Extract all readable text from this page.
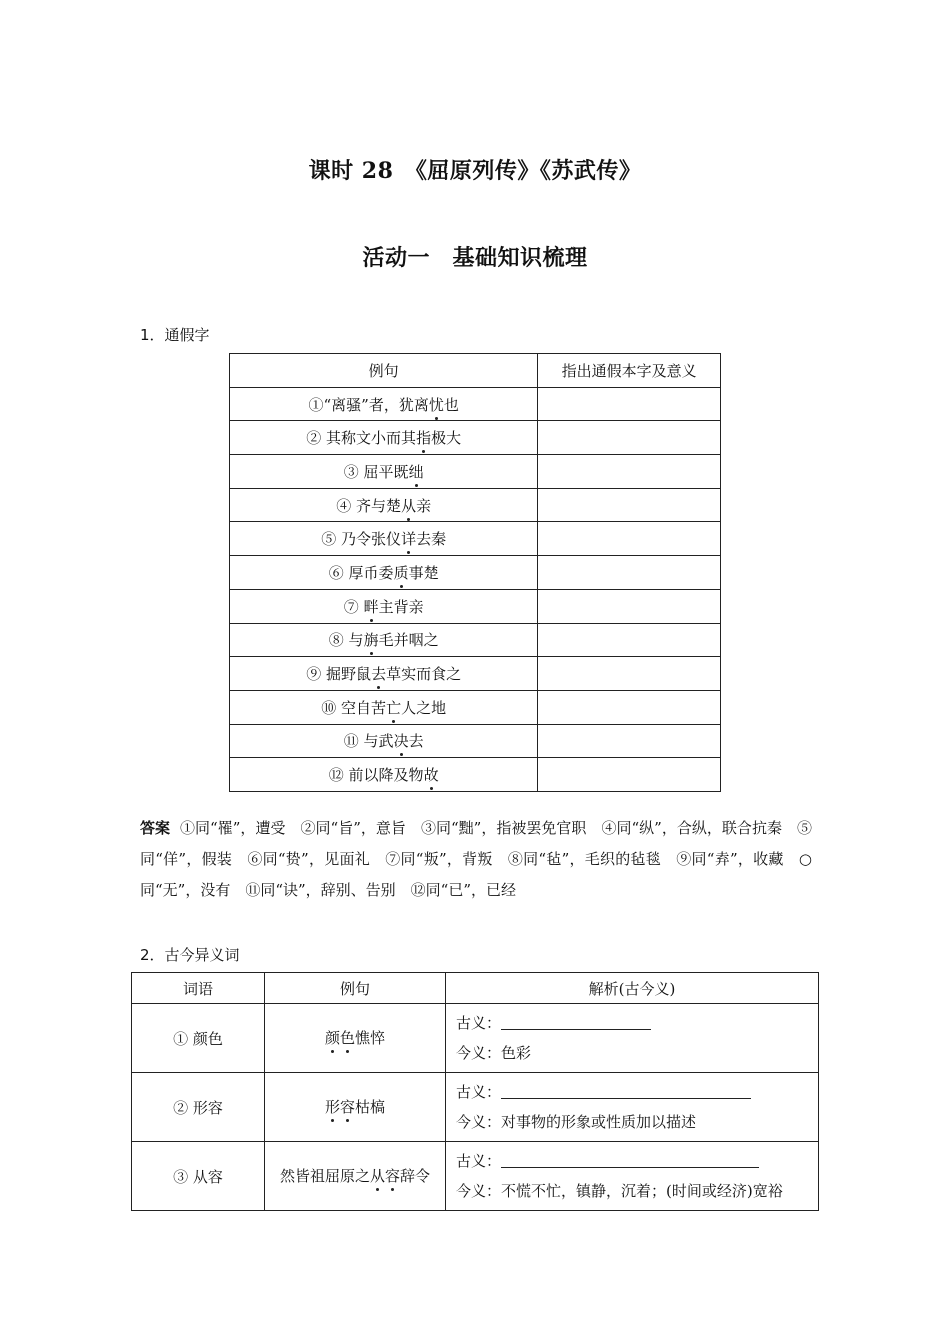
课时 28　《屈原列传》《苏武传》
活动一　基础知识梳理
1．通假字
例句	指出通假本字及意义
①“离骚”者，犹离忧也	
② 其称文小而其指极大	
③ 屈平既绌	
④ 齐与楚从亲	
⑤ 乃令张仪详去秦	
⑥ 厚币委质事楚	
⑦ 畔主背亲	
⑧ 与旃毛并咽之	
⑨ 掘野鼠去草实而食之	
⑩ 空自苦亡人之地	
⑪ 与武决去	
⑫ 前以降及物故	
答案 ①同“罹”，遭受　②同“旨”，意旨　③同“黜”，指被罢免官职　④同“纵”，合纵，联合抗秦　⑤同“佯”，假装　⑥同“贽”，见面礼　⑦同“叛”，背叛　⑧同“毡”，毛织的毡毯　⑨同“弆”，收藏　○同“无”，没有　⑪同“诀”，辞别、告别　⑫同“已”，已经
2．古今异义词
词语	例句	解析(古今义)
① 颜色	颜色憔悴	古义：
今义：色彩

② 形容	形容枯槁	古义：
今义：对事物的形象或性质加以描述

③ 从容	然皆祖屈原之从容辞令	古义：
今义：不慌不忙，镇静，沉着；(时间或经济)宽裕
